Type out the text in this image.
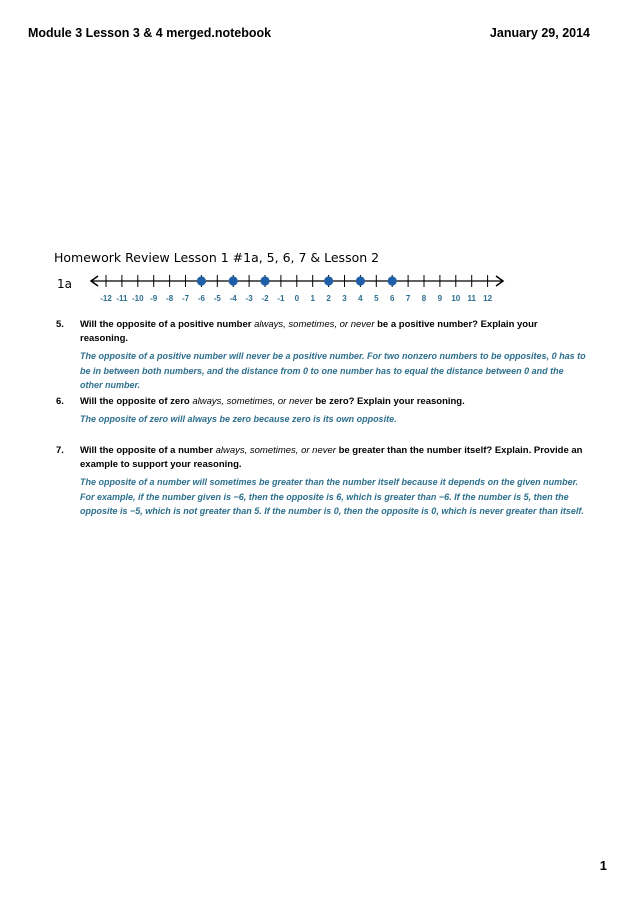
Module 3 Lesson 3 & 4 merged.notebook	January 29, 2014
Homework Review Lesson 1 #1a, 5, 6, 7 & Lesson 2
1a
-12 -11 -10 -9 -8 -7 -6 -5 -4 -3 -2 -1 0 1 2 3 4 5 6 7 8 9 10 11 12
5. Will the opposite of a positive number always, sometimes, or never be a positive number? Explain your reasoning.
The opposite of a positive number will never be a positive number. For two nonzero numbers to be opposites, 0 has to be in between both numbers, and the distance from 0 to one number has to equal the distance between 0 and the other number.
6. Will the opposite of zero always, sometimes, or never be zero? Explain your reasoning.
The opposite of zero will always be zero because zero is its own opposite.
7. Will the opposite of a number always, sometimes, or never be greater than the number itself? Explain. Provide an example to support your reasoning.
The opposite of a number will sometimes be greater than the number itself because it depends on the given number. For example, if the number given is −6, then the opposite is 6, which is greater than −6. If the number is 5, then the opposite is −5, which is not greater than 5. If the number is 0, then the opposite is 0, which is never greater than itself.
1
